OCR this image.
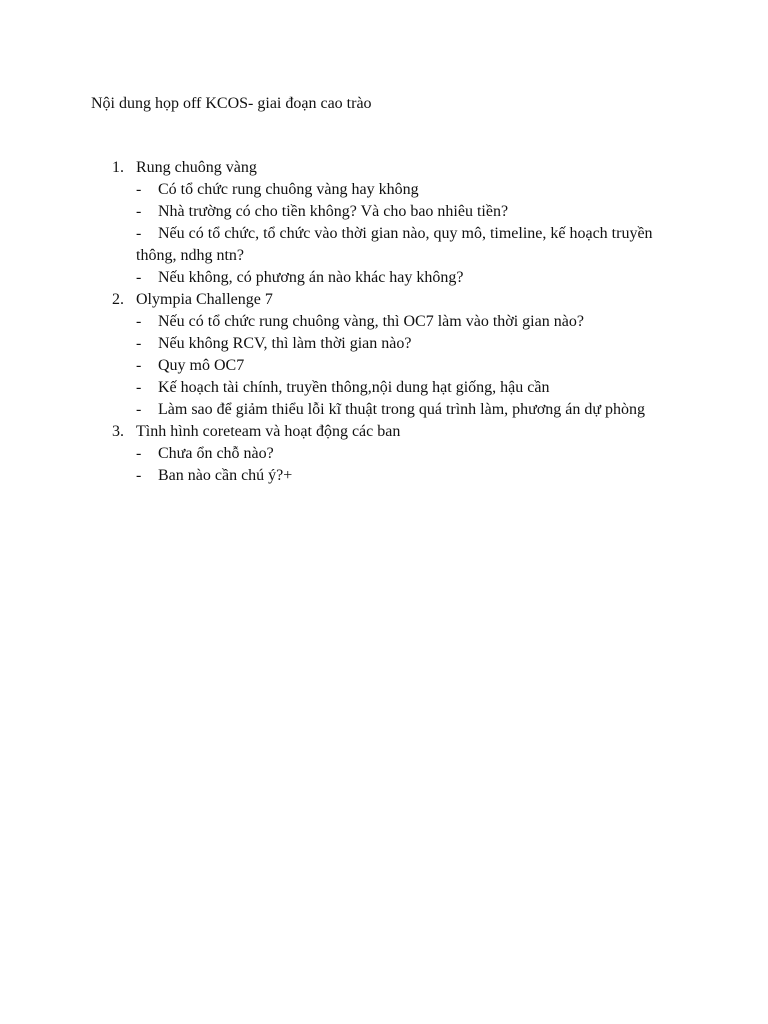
Nội dung họp off KCOS- giai đoạn cao trào
1. Rung chuông vàng
- Có tổ chức rung chuông vàng hay không
- Nhà trường có cho tiền không? Và cho bao nhiêu tiền?
-	Nếu có tổ chức, tổ chức vào thời gian nào, quy mô, timeline, kế hoạch truyền thông, ndhg ntn?
- Nếu không, có phương án nào khác hay không?
2. Olympia Challenge 7
- Nếu có tổ chức rung chuông vàng, thì OC7 làm vào thời gian nào?
- Nếu không RCV, thì làm thời gian nào?
- Quy mô OC7
- Kế hoạch tài chính, truyền thông,nội dung hạt giống, hậu cần
- Làm sao để giảm thiểu lỗi kĩ thuật trong quá trình làm, phương án dự phòng
3. Tình hình coreteam và hoạt động các ban
- Chưa ổn chỗ nào?
- Ban nào cần chú ý?+
